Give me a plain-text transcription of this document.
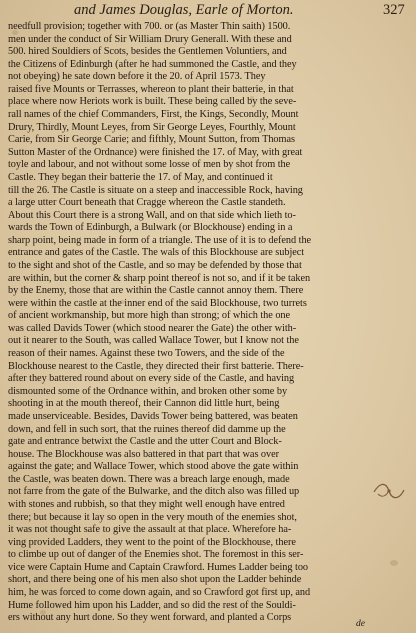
and James Douglas, Earle of Morton.	327
needfull provision; together with 700. or (as Master Thin saith) 1500.
men under the conduct of Sir William Drury Generall. With these and
500. hired Souldiers of Scots, besides the Gentlemen Voluntiers, and
the Citizens of Edinburgh (after he had summoned the Castle, and they
not obeying) he sate down before it the 20. of April 1573. They
raised five Mounts or Terrasses, whereon to plant their batterie, in that
place where now Heriots work is built. These being called by the seve-
rall names of the chief Commanders, First, the Kings, Secondly, Mount
Drury, Thirdly, Mount Leyes, from Sir George Leyes, Fourthly, Mount
Carie, from Sir George Carie; and fifthly, Mount Sutton, from Thomas
Sutton Master of the Ordnance) were finished the 17. of May, with great
toyle and labour, and not without some losse of men by shot from the
Castle. They began their batterie the 17. of May, and continued it
till the 26. The Castle is situate on a steep and inaccessible Rock, having
a large utter Court beneath that Cragge whereon the Castle standeth.
About this Court there is a strong Wall, and on that side which lieth to-
wards the Town of Edinburgh, a Bulwark (or Blockhouse) ending in a
sharp point, being made in form of a triangle. The use of it is to defend the
entrance and gates of the Castle. The wals of this Blockhouse are subject
to the sight and shot of the Castle, and so may be defended by those that
are within, but the corner & sharp point thereof is not so, and if it be taken
by the Enemy, those that are within the Castle cannot annoy them. There
were within the castle at the inner end of the said Blockhouse, two turrets
of ancient workmanship, but more high than strong; of which the one
was called Davids Tower (which stood nearer the Gate) the other with-
out it nearer to the South, was called Wallace Tower, but I know not the
reason of their names. Against these two Towers, and the side of the
Blockhouse nearest to the Castle, they directed their first batterie. There-
after they battered round about on every side of the Castle, and having
dismounted some of the Ordnance within, and broken other some by
shooting in at the mouth thereof, their Cannon did little hurt, being
made unserviceable. Besides, Davids Tower being battered, was beaten
down, and fell in such sort, that the ruines thereof did damme up the
gate and entrance betwixt the Castle and the utter Court and Block-
house. The Blockhouse was also battered in that part that was over
against the gate; and Wallace Tower, which stood above the gate within
the Castle, was beaten down. There was a breach large enough, made
not farre from the gate of the Bulwarke, and the ditch also was filled up
with stones and rubbish, so that they might well enough have entred
there; but because it lay so open in the very mouth of the enemies shot,
it was not thought safe to give the assault at that place. Wherefore ha-
ving provided Ladders, they went to the point of the Blockhouse, there
to climbe up out of danger of the Enemies shot. The foremost in this ser-
vice were Captain Hume and Captain Crawford. Humes Ladder being too
short, and there being one of his men also shot upon the Ladder behinde
him, he was forced to come down again, and so Crawford got first up, and
Hume followed him upon his Ladder, and so did the rest of the Souldi-
ers without any hurt done. So they went forward, and planted a Corps
de
